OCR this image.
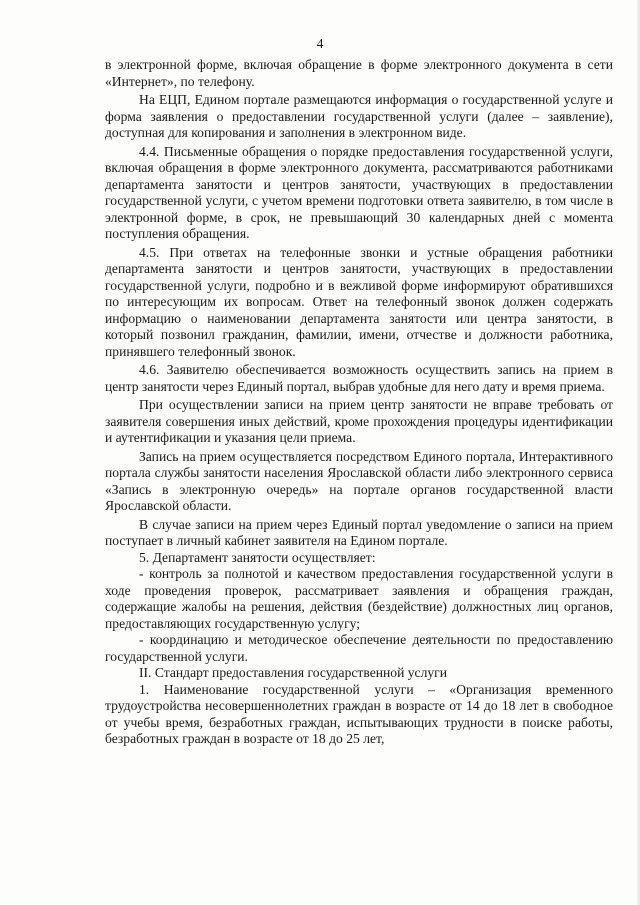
4

в электронной форме, включая обращение в форме электронного документа в сети «Интернет», по телефону.

На ЕЦП, Едином портале размещаются информация о государственной услуге и форма заявления о предоставлении государственной услуги (далее – заявление), доступная для копирования и заполнения в электронном виде.

4.4. Письменные обращения о порядке предоставления государственной услуги, включая обращения в форме электронного документа, рассматриваются работниками департамента занятости и центров занятости, участвующих в предоставлении государственной услуги, с учетом времени подготовки ответа заявителю, в том числе в электронной форме, в срок, не превышающий 30 календарных дней с момента поступления обращения.

4.5. При ответах на телефонные звонки и устные обращения работники департамента занятости и центров занятости, участвующих в предоставлении государственной услуги, подробно и в вежливой форме информируют обратившихся по интересующим их вопросам. Ответ на телефонный звонок должен содержать информацию о наименовании департамента занятости или центра занятости, в который позвонил гражданин, фамилии, имени, отчестве и должности работника, принявшего телефонный звонок.

4.6. Заявителю обеспечивается возможность осуществить запись на прием в центр занятости через Единый портал, выбрав удобные для него дату и время приема.

При осуществлении записи на прием центр занятости не вправе требовать от заявителя совершения иных действий, кроме прохождения процедуры идентификации и аутентификации и указания цели приема.

Запись на прием осуществляется посредством Единого портала, Интерактивного портала службы занятости населения Ярославской области либо электронного сервиса «Запись в электронную очередь» на портале органов государственной власти Ярославской области.

В случае записи на прием через Единый портал уведомление о записи на прием поступает в личный кабинет заявителя на Едином портале.

5. Департамент занятости осуществляет:

- контроль за полнотой и качеством предоставления государственной услуги в ходе проведения проверок, рассматривает заявления и обращения граждан, содержащие жалобы на решения, действия (бездействие) должностных лиц органов, предоставляющих государственную услугу;

- координацию и методическое обеспечение деятельности по предоставлению государственной услуги.

II. Стандарт предоставления государственной услуги

1. Наименование государственной услуги – «Организация временного трудоустройства несовершеннолетних граждан в возрасте от 14 до 18 лет в свободное от учебы время, безработных граждан, испытывающих трудности в поиске работы, безработных граждан в возрасте от 18 до 25 лет,
